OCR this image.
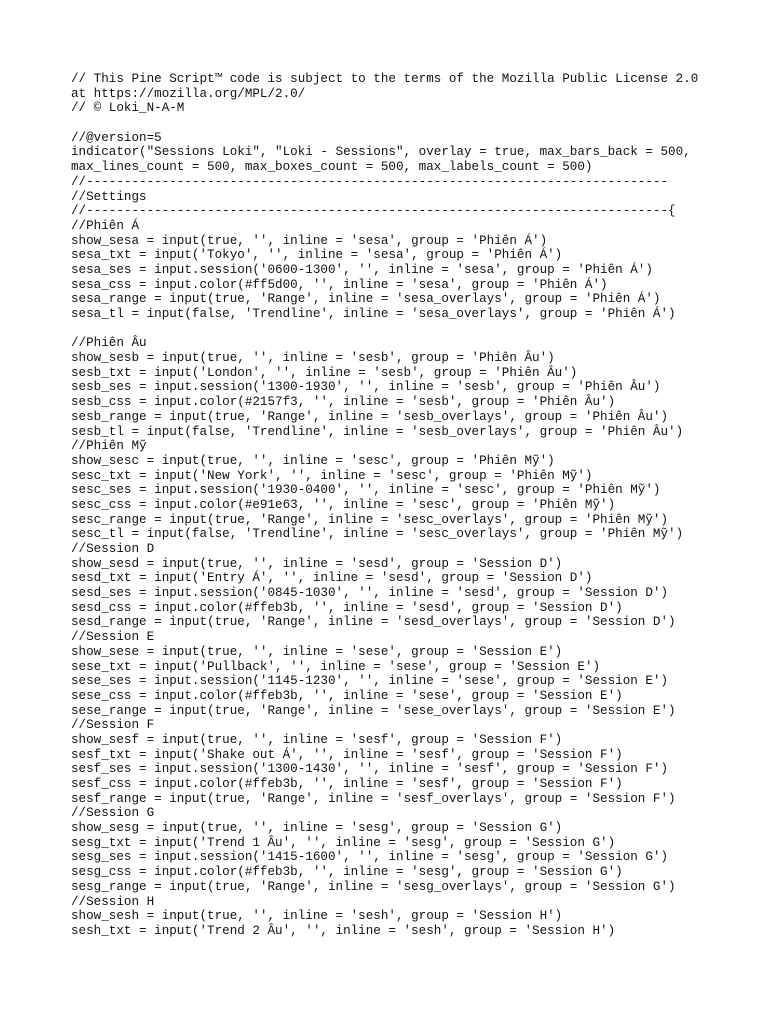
// This Pine Script™ code is subject to the terms of the Mozilla Public License 2.0
at https://mozilla.org/MPL/2.0/
// © Loki_N-A-M
//@version=5
indicator("Sessions Loki", "Loki - Sessions", overlay = true, max_bars_back = 500,
max_lines_count = 500, max_boxes_count = 500, max_labels_count = 500)
//-----------------------------------------------------------------------------
//Settings
//-----------------------------------------------------------------------------{
//Phiên Á
show_sesa = input(true, '', inline = 'sesa', group = 'Phiên Á')
sesa_txt = input('Tokyo', '', inline = 'sesa', group = 'Phiên Á')
sesa_ses = input.session('0600-1300', '', inline = 'sesa', group = 'Phiên Á')
sesa_css = input.color(#ff5d00, '', inline = 'sesa', group = 'Phiên Á')
sesa_range = input(true, 'Range', inline = 'sesa_overlays', group = 'Phiên Á')
sesa_tl = input(false, 'Trendline', inline = 'sesa_overlays', group = 'Phiên Á')
//Phiên Âu
show_sesb = input(true, '', inline = 'sesb', group = 'Phiên Âu')
sesb_txt = input('London', '', inline = 'sesb', group = 'Phiên Âu')
sesb_ses = input.session('1300-1930', '', inline = 'sesb', group = 'Phiên Âu')
sesb_css = input.color(#2157f3, '', inline = 'sesb', group = 'Phiên Âu')
sesb_range = input(true, 'Range', inline = 'sesb_overlays', group = 'Phiên Âu')
sesb_tl = input(false, 'Trendline', inline = 'sesb_overlays', group = 'Phiên Âu')
//Phiên Mỹ
show_sesc = input(true, '', inline = 'sesc', group = 'Phiên Mỹ')
sesc_txt = input('New York', '', inline = 'sesc', group = 'Phiên Mỹ')
sesc_ses = input.session('1930-0400', '', inline = 'sesc', group = 'Phiên Mỹ')
sesc_css = input.color(#e91e63, '', inline = 'sesc', group = 'Phiên Mỹ')
sesc_range = input(true, 'Range', inline = 'sesc_overlays', group = 'Phiên Mỹ')
sesc_tl = input(false, 'Trendline', inline = 'sesc_overlays', group = 'Phiên Mỹ')
//Session D
show_sesd = input(true, '', inline = 'sesd', group = 'Session D')
sesd_txt = input('Entry Á', '', inline = 'sesd', group = 'Session D')
sesd_ses = input.session('0845-1030', '', inline = 'sesd', group = 'Session D')
sesd_css = input.color(#ffeb3b, '', inline = 'sesd', group = 'Session D')
sesd_range = input(true, 'Range', inline = 'sesd_overlays', group = 'Session D')
//Session E
show_sese = input(true, '', inline = 'sese', group = 'Session E')
sese_txt = input('Pullback', '', inline = 'sese', group = 'Session E')
sese_ses = input.session('1145-1230', '', inline = 'sese', group = 'Session E')
sese_css = input.color(#ffeb3b, '', inline = 'sese', group = 'Session E')
sese_range = input(true, 'Range', inline = 'sese_overlays', group = 'Session E')
//Session F
show_sesf = input(true, '', inline = 'sesf', group = 'Session F')
sesf_txt = input('Shake out Á', '', inline = 'sesf', group = 'Session F')
sesf_ses = input.session('1300-1430', '', inline = 'sesf', group = 'Session F')
sesf_css = input.color(#ffeb3b, '', inline = 'sesf', group = 'Session F')
sesf_range = input(true, 'Range', inline = 'sesf_overlays', group = 'Session F')
//Session G
show_sesg = input(true, '', inline = 'sesg', group = 'Session G')
sesg_txt = input('Trend 1 Âu', '', inline = 'sesg', group = 'Session G')
sesg_ses = input.session('1415-1600', '', inline = 'sesg', group = 'Session G')
sesg_css = input.color(#ffeb3b, '', inline = 'sesg', group = 'Session G')
sesg_range = input(true, 'Range', inline = 'sesg_overlays', group = 'Session G')
//Session H
show_sesh = input(true, '', inline = 'sesh', group = 'Session H')
sesh_txt = input('Trend 2 Âu', '', inline = 'sesh', group = 'Session H')
